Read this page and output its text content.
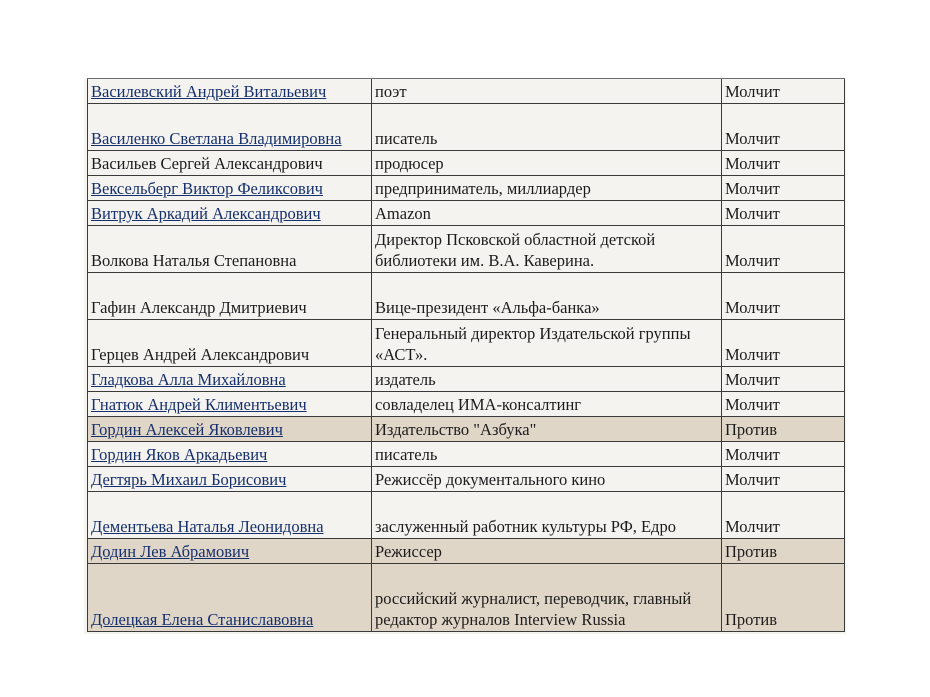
Василевский Андрей Витальевич	поэт	Молчит
Василенко Светлана Владимировна	писатель	Молчит
Васильев Сергей Александрович	продюсер	Молчит
Вексельберг Виктор Феликсович	предприниматель, миллиардер	Молчит
Витрук Аркадий Александрович	Amazon	Молчит
Волкова Наталья Степановна	Директор Псковской областной детской библиотеки им. В.А. Каверина.	Молчит
Гафин Александр Дмитриевич	Вице-президент «Альфа-банка»	Молчит
Герцев Андрей Александрович	Генеральный директор Издательской группы «АСТ».	Молчит
Гладкова Алла Михайловна	издатель	Молчит
Гнатюк Андрей Климентьевич	совладелец ИМА-консалтинг	Молчит
Гордин Алексей Яковлевич	Издательство "Азбука"	Против
Гордин Яков Аркадьевич	писатель	Молчит
Дегтярь Михаил Борисович	Режиссёр документального кино	Молчит
Дементьева Наталья Леонидовна	заслуженный работник культуры РФ, Едро	Молчит
Додин Лев Абрамович	Режиссер	Против
Долецкая Елена Станиславовна	российский журналист, переводчик, главный редактор журналов Interview Russia	Против
